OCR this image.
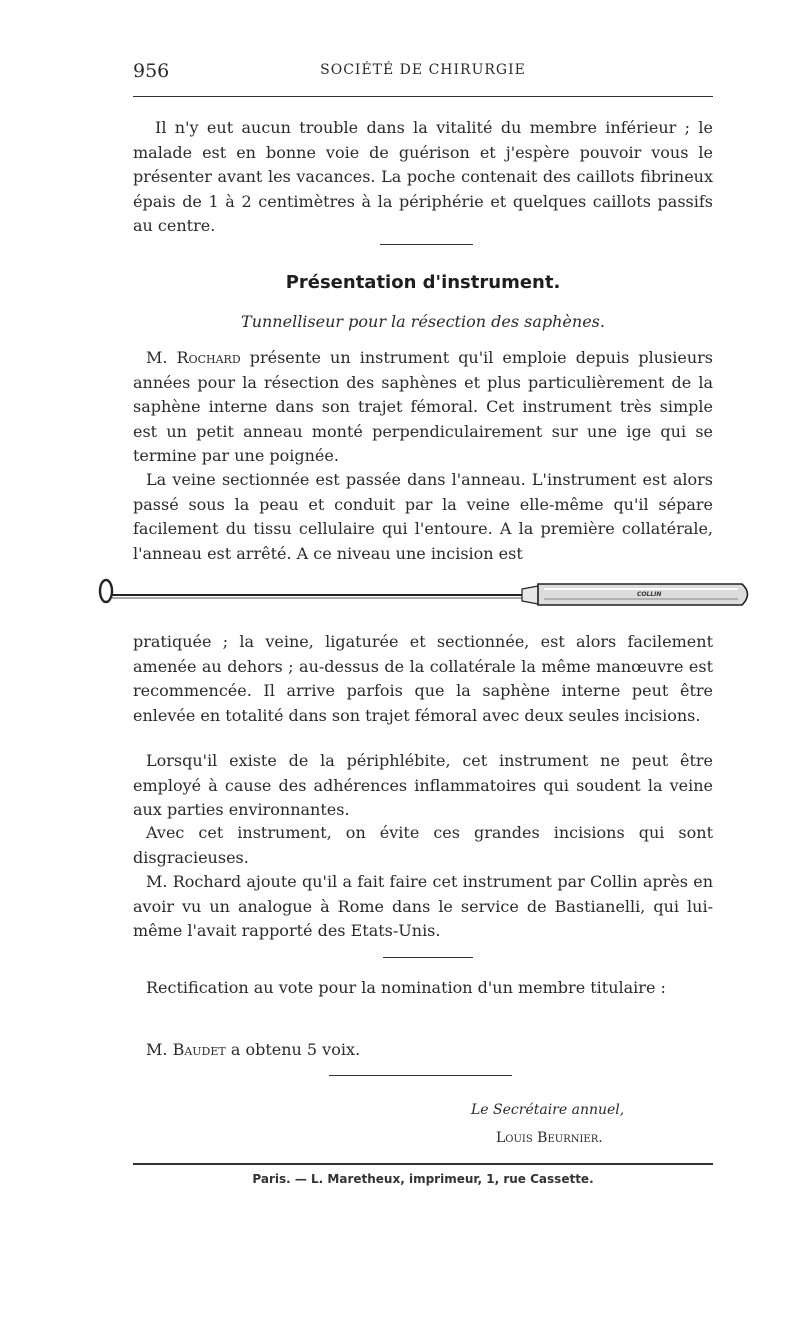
956	SOCIÉTÉ DE CHIRURGIE

Il n'y eut aucun trouble dans la vitalité du membre inférieur ; le malade est en bonne voie de guérison et j'espère pouvoir vous le présenter avant les vacances. La poche contenait des caillots fibrineux épais de 1 à 2 centimètres à la périphérie et quelques caillots passifs au centre.

Présentation d'instrument.
Tunnelliseur pour la résection des saphènes.

M. Rochard présente un instrument qu'il emploie depuis plusieurs années pour la résection des saphènes et plus particulièrement de la saphène interne dans son trajet fémoral. Cet instrument très simple est un petit anneau monté perpendiculairement sur une ige qui se termine par une poignée.

La veine sectionnée est passée dans l'anneau. L'instrument est alors passé sous la peau et conduit par la veine elle-même qu'il sépare facilement du tissu cellulaire qui l'entoure. A la première collatérale, l'anneau est arrêté. A ce niveau une incision est

COLLIN

pratiquée ; la veine, ligaturée et sectionnée, est alors facilement amenée au dehors ; au-dessus de la collatérale la même manœuvre est recommencée. Il arrive parfois que la saphène interne peut être enlevée en totalité dans son trajet fémoral avec deux seules incisions.

Lorsqu'il existe de la périphlébite, cet instrument ne peut être employé à cause des adhérences inflammatoires qui soudent la veine aux parties environnantes.

Avec cet instrument, on évite ces grandes incisions qui sont disgracieuses.

M. Rochard ajoute qu'il a fait faire cet instrument par Collin après en avoir vu un analogue à Rome dans le service de Bastianelli, qui lui-même l'avait rapporté des Etats-Unis.

Rectification au vote pour la nomination d'un membre titulaire :

M. Baudet a obtenu 5 voix.

Le Secrétaire annuel,
Louis Beurnier.
Paris. — L. Maretheux, imprimeur, 1, rue Cassette.
